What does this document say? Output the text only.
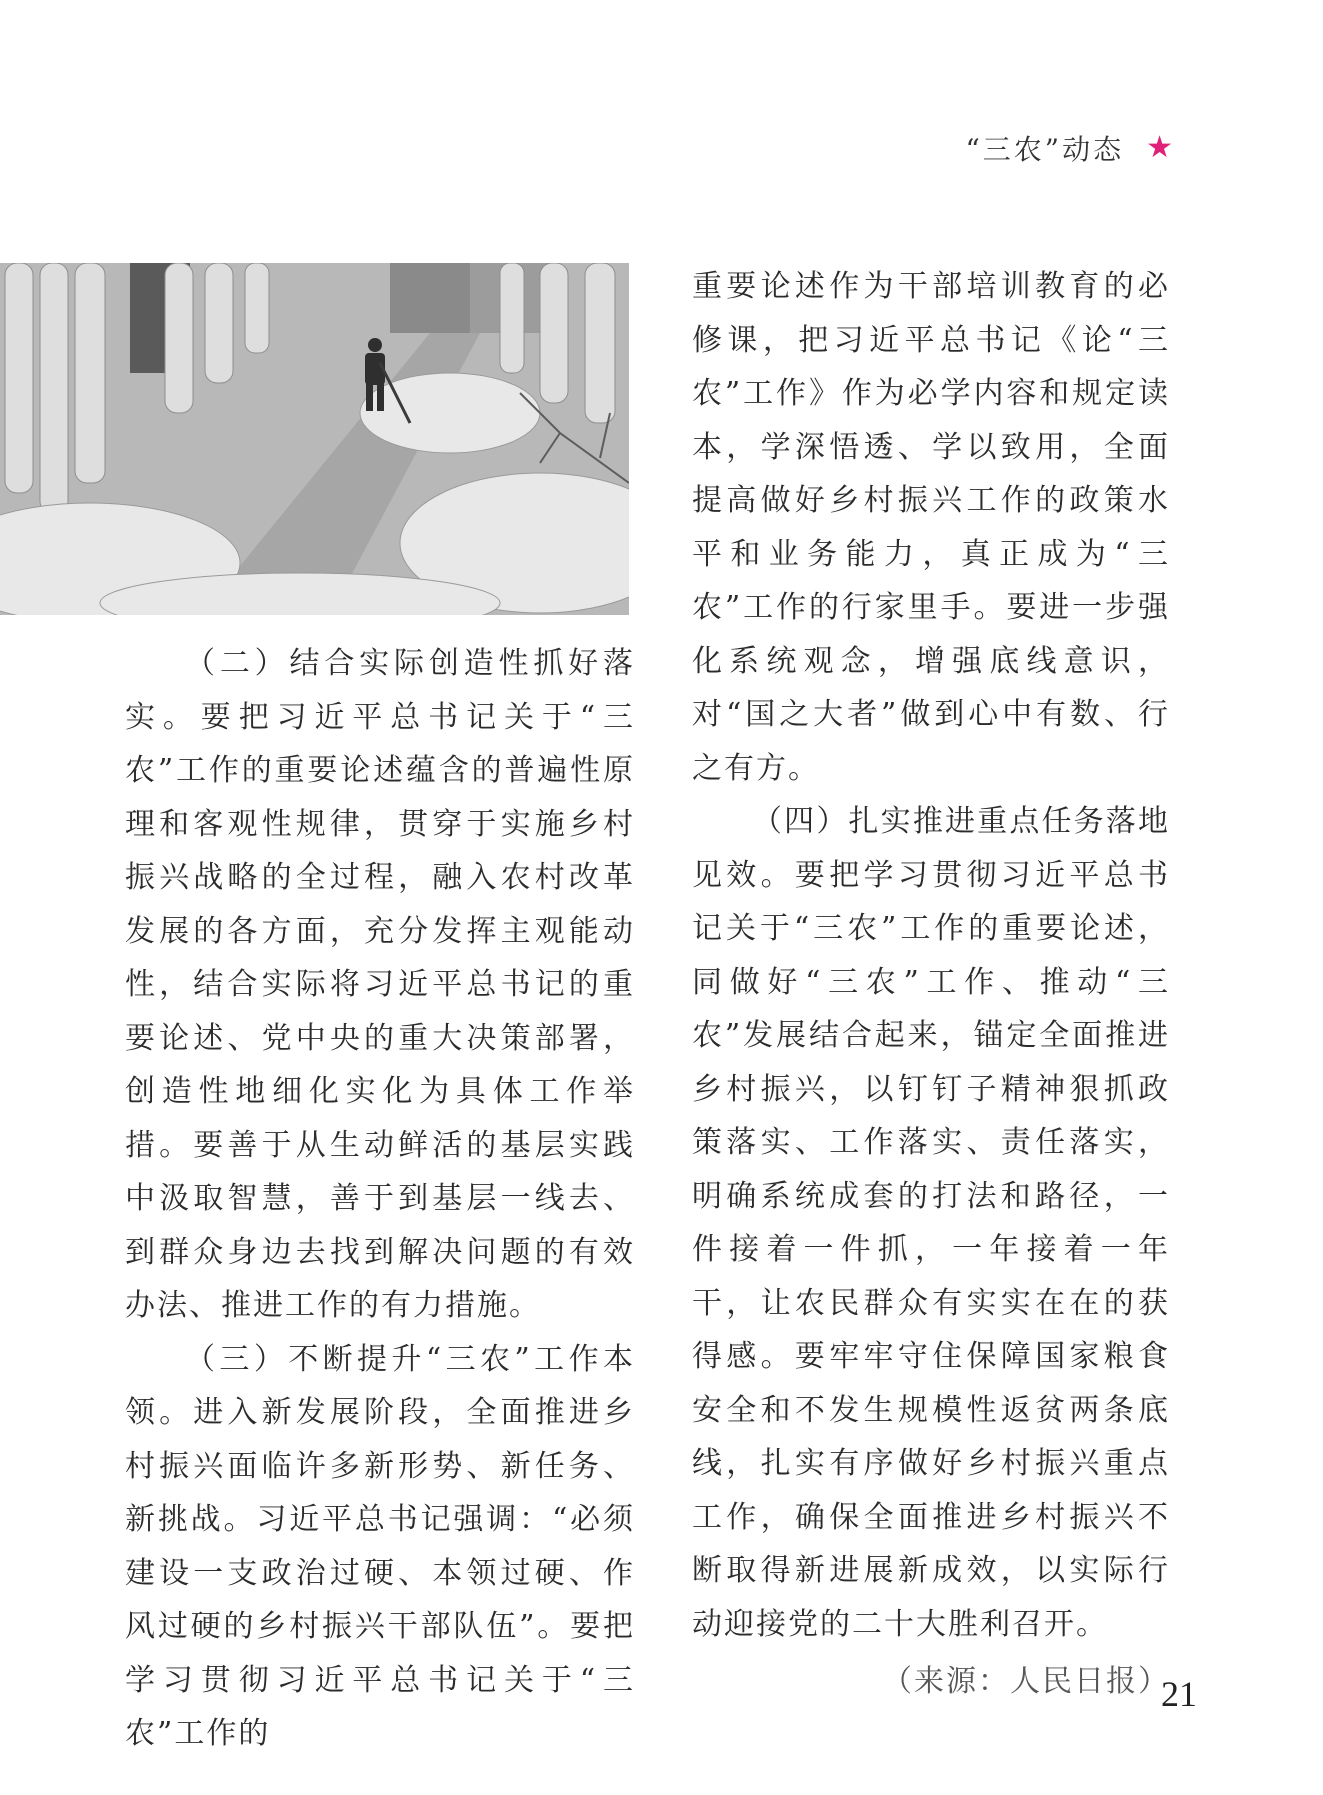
“三农”动态 ★

（二）结合实际创造性抓好落实。要把习近平总书记关于“三农”工作的重要论述蕴含的普遍性原理和客观性规律，贯穿于实施乡村振兴战略的全过程，融入农村改革发展的各方面，充分发挥主观能动性，结合实际将习近平总书记的重要论述、党中央的重大决策部署，创造性地细化实化为具体工作举措。要善于从生动鲜活的基层实践中汲取智慧，善于到基层一线去、到群众身边去找到解决问题的有效办法、推进工作的有力措施。

（三）不断提升“三农”工作本领。进入新发展阶段，全面推进乡村振兴面临许多新形势、新任务、新挑战。习近平总书记强调：“必须建设一支政治过硬、本领过硬、作风过硬的乡村振兴干部队伍”。要把学习贯彻习近平总书记关于“三农”工作的

重要论述作为干部培训教育的必修课，把习近平总书记《论“三农”工作》作为必学内容和规定读本，学深悟透、学以致用，全面提高做好乡村振兴工作的政策水平和业务能力，真正成为“三农”工作的行家里手。要进一步强化系统观念，增强底线意识，对“国之大者”做到心中有数、行之有方。

（四）扎实推进重点任务落地见效。要把学习贯彻习近平总书记关于“三农”工作的重要论述，同做好“三农”工作、推动“三农”发展结合起来，锚定全面推进乡村振兴，以钉钉子精神狠抓政策落实、工作落实、责任落实，明确系统成套的打法和路径，一件接着一件抓，一年接着一年干，让农民群众有实实在在的获得感。要牢牢守住保障国家粮食安全和不发生规模性返贫两条底线，扎实有序做好乡村振兴重点工作，确保全面推进乡村振兴不断取得新进展新成效，以实际行动迎接党的二十大胜利召开。

（来源：人民日报）

21
